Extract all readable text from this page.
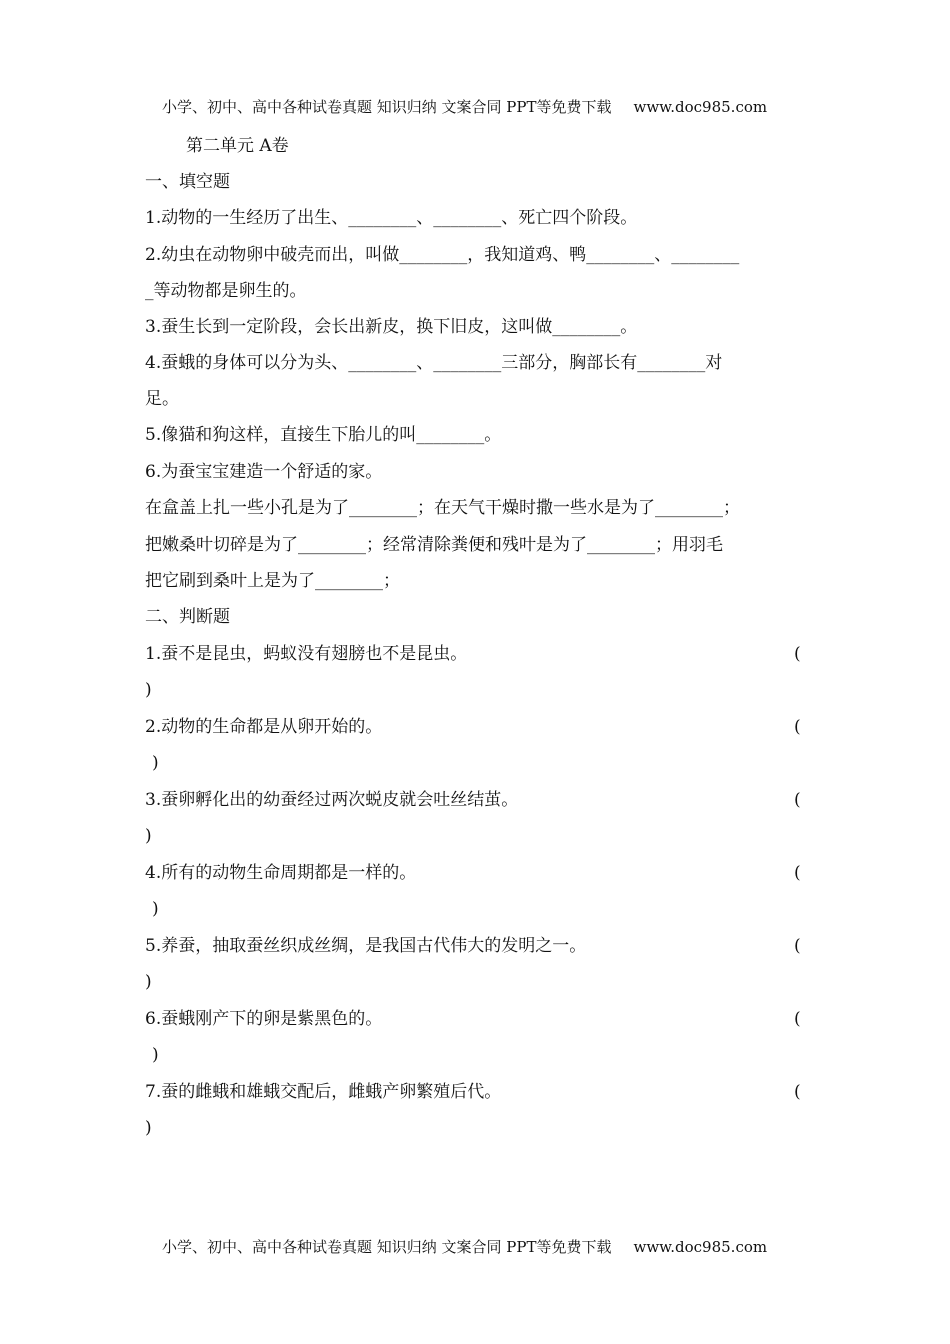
小学、初中、高中各种试卷真题 知识归纳 文案合同 PPT等免费下载 www.doc985.com
第二单元 A卷
一、填空题
1.动物的一生经历了出生、________、________、死亡四个阶段。
2.幼虫在动物卵中破壳而出，叫做________，我知道鸡、鸭________、________
_等动物都是卵生的。
3.蚕生长到一定阶段，会长出新皮，换下旧皮，这叫做________。
4.蚕蛾的身体可以分为头、________、________三部分，胸部长有________对
足。
5.像猫和狗这样，直接生下胎儿的叫________。
6.为蚕宝宝建造一个舒适的家。
在盒盖上扎一些小孔是为了________；在天气干燥时撒一些水是为了________；
把嫩桑叶切碎是为了________；经常清除粪便和残叶是为了________；用羽毛
把它刷到桑叶上是为了________；
二、判断题
1.蚕不是昆虫，蚂蚁没有翅膀也不是昆虫。	(
)
2.动物的生命都是从卵开始的。	(
)
3.蚕卵孵化出的幼蚕经过两次蜕皮就会吐丝结茧。	(
)
4.所有的动物生命周期都是一样的。	(
)
5.养蚕，抽取蚕丝织成丝绸，是我国古代伟大的发明之一。	(
)
6.蚕蛾刚产下的卵是紫黑色的。	(
)
7.蚕的雌蛾和雄蛾交配后，雌蛾产卵繁殖后代。	(
)
小学、初中、高中各种试卷真题 知识归纳 文案合同 PPT等免费下载 www.doc985.com
